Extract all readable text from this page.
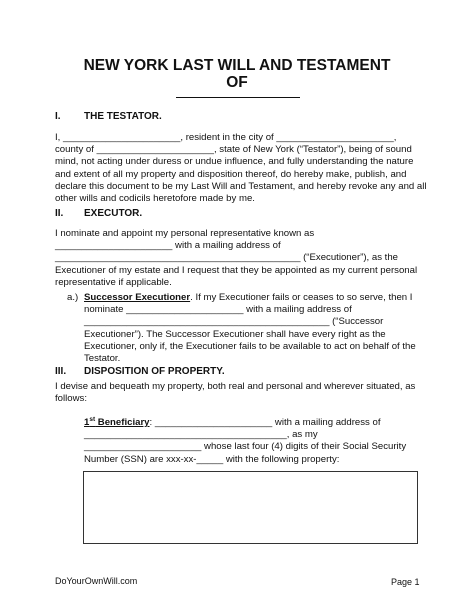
NEW YORK LAST WILL AND TESTAMENT
OF
I. THE TESTATOR.
I, ______________________, resident in the city of ______________________,
county of ______________________, state of New York (“Testator”), being of sound
mind, not acting under duress or undue influence, and fully understanding the nature
and extent of all my property and disposition thereof, do hereby make, publish, and
declare this document to be my Last Will and Testament, and hereby revoke any and all
other wills and codicils heretofore made by me.
II. EXECUTOR.
I nominate and appoint my personal representative known as
______________________ with a mailing address of
______________________________________________ (“Executioner”), as the
Executioner of my estate and I request that they be appointed as my current personal
representative if applicable.
a.) Successor Executioner. If my Executioner fails or ceases to so serve, then I
nominate ______________________ with a mailing address of
______________________________________________ (“Successor
Executioner”). The Successor Executioner shall have every right as the
Executioner, only if, the Executioner fails to be available to act on behalf of the
Testator.
III. DISPOSITION OF PROPERTY.
I devise and bequeath my property, both real and personal and wherever situated, as
follows:
1st Beneficiary: ______________________ with a mailing address of
______________________________________, as my
______________________ whose last four (4) digits of their Social Security
Number (SSN) are xxx-xx-_____ with the following property:
DoYourOwnWill.com	Page 1
